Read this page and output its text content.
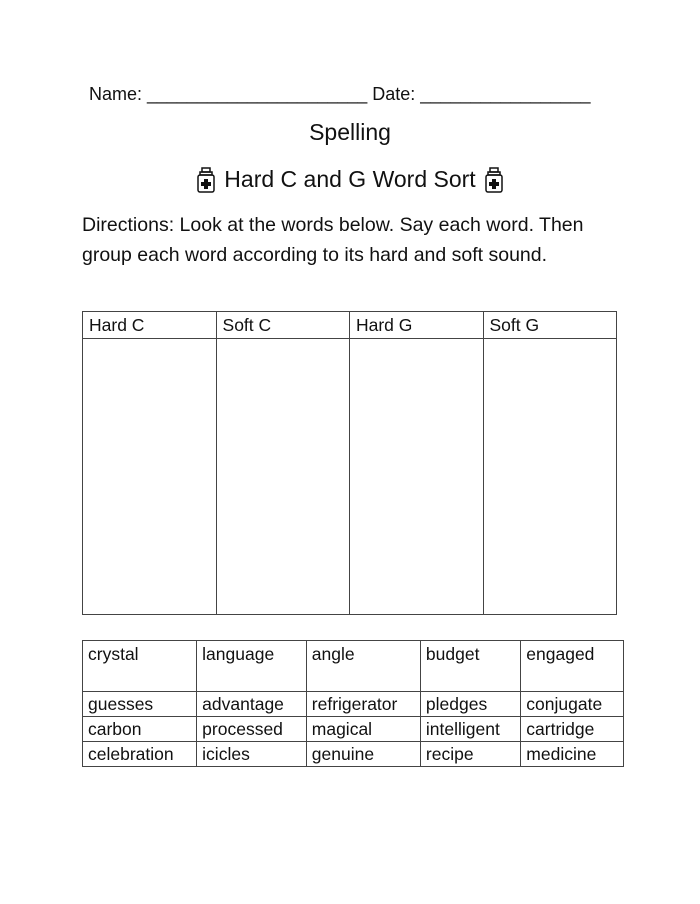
Name: ______________________ Date: _________________
Spelling
Hard C and G Word Sort
Directions: Look at the words below. Say each word. Then group each word according to its hard and soft sound.
Hard C	Soft C	Hard G	Soft G

crystal	language	angle	budget	engaged
guesses	advantage	refrigerator	pledges	conjugate
carbon	processed	magical	intelligent	cartridge
celebration	icicles	genuine	recipe	medicine
